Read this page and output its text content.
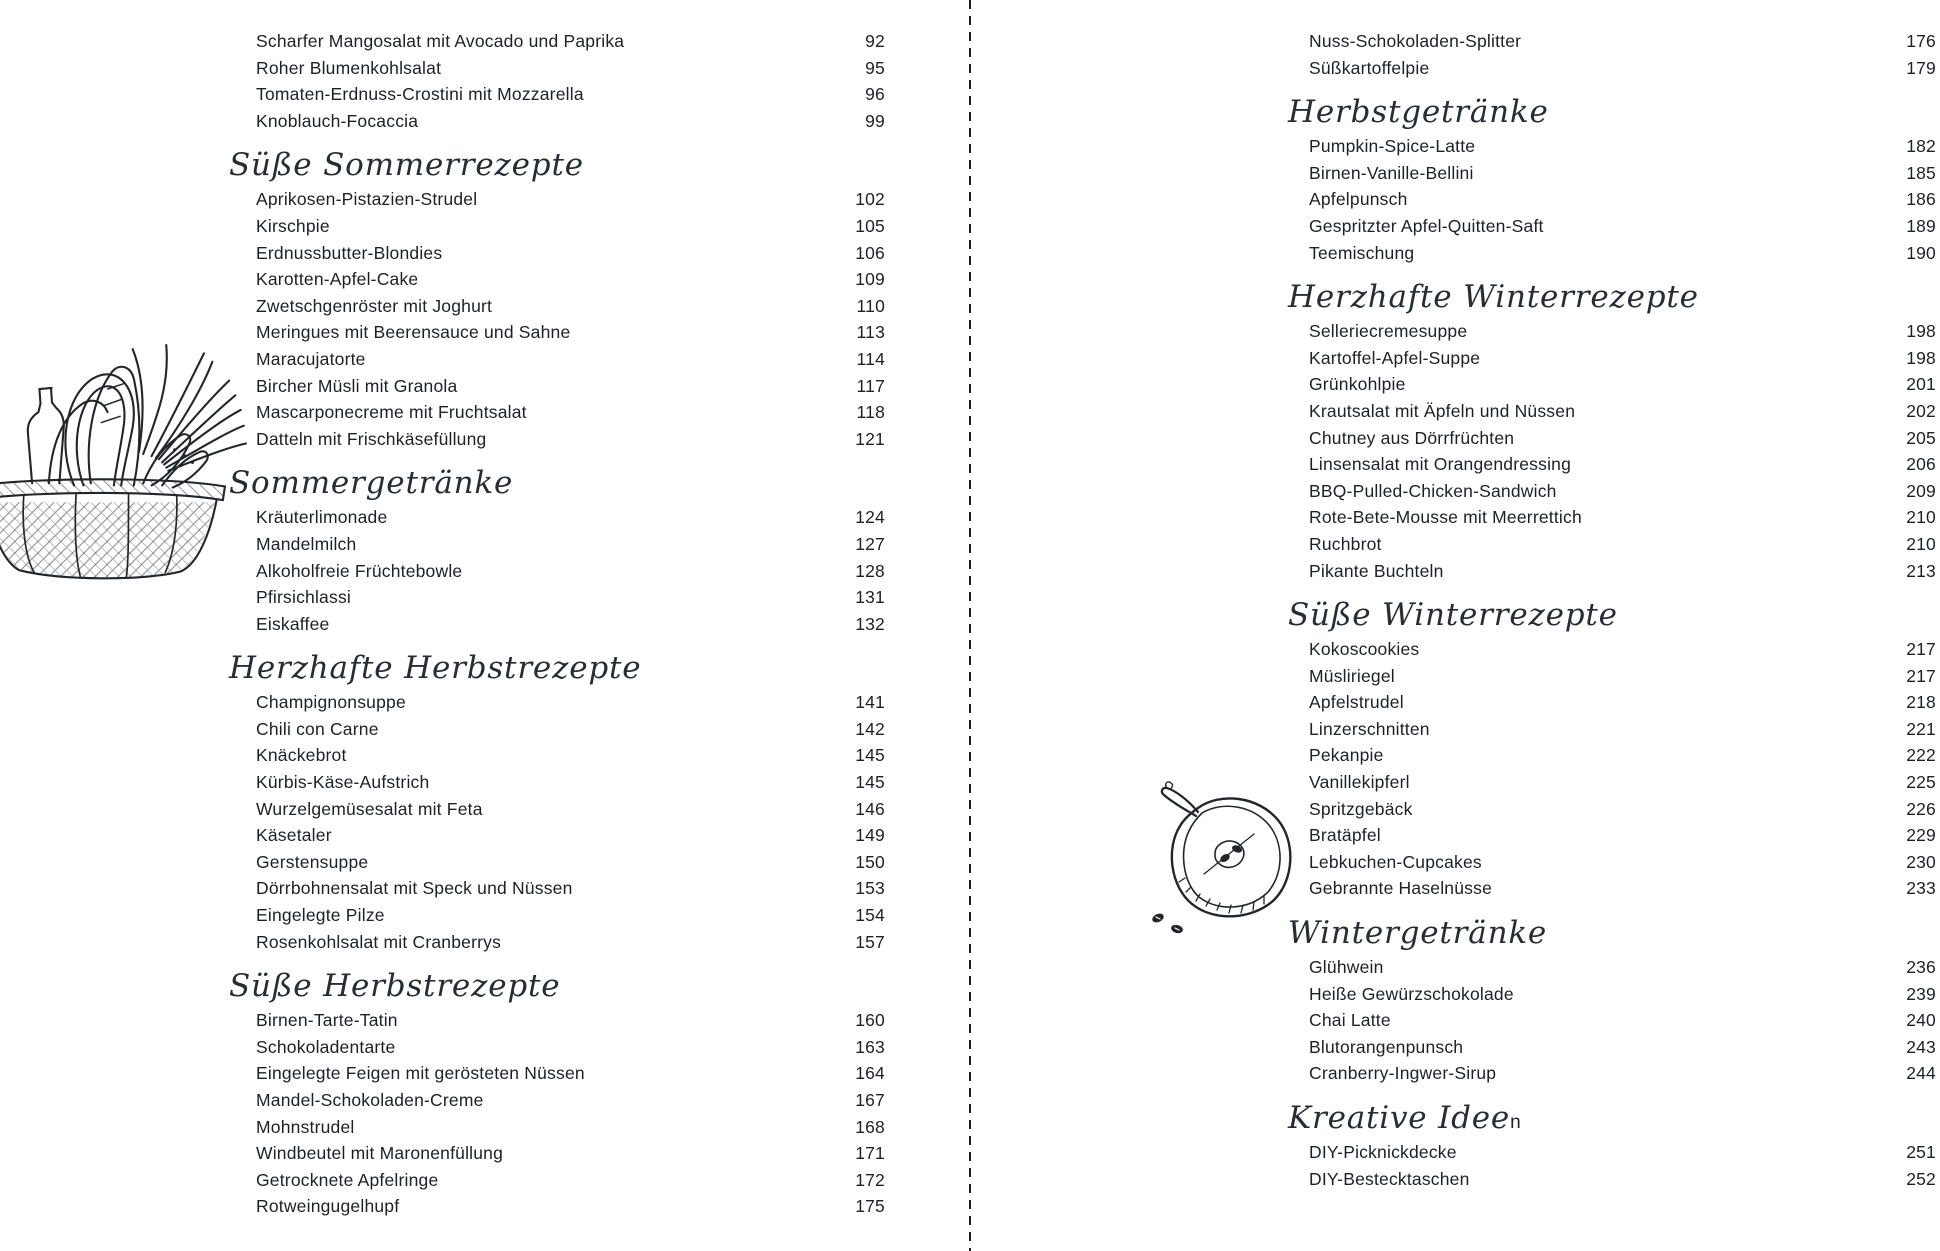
Scharfer Mangosalat mit Avocado und Paprika	92
Roher Blumenkohlsalat	95
Tomaten-Erdnuss-Crostini mit Mozzarella	96
Knoblauch-Focaccia	99
Süße Sommerrezepte
Aprikosen-Pistazien-Strudel	102
Kirschpie	105
Erdnussbutter-Blondies	106
Karotten-Apfel-Cake	109
Zwetschgenröster mit Joghurt	110
Meringues mit Beerensauce und Sahne	113
Maracujatorte	114
Bircher Müsli mit Granola	117
Mascarponecreme mit Fruchtsalat	118
Datteln mit Frischkäsefüllung	121
Sommergetränke
Kräuterlimonade	124
Mandelmilch	127
Alkoholfreie Früchtebowle	128
Pfirsichlassi	131
Eiskaffee	132
Herzhafte Herbstrezepte
Champignonsuppe	141
Chili con Carne	142
Knäckebrot	145
Kürbis-Käse-Aufstrich	145
Wurzelgemüsesalat mit Feta	146
Käsetaler	149
Gerstensuppe	150
Dörrbohnensalat mit Speck und Nüssen	153
Eingelegte Pilze	154
Rosenkohlsalat mit Cranberrys	157
Süße Herbstrezepte
Birnen-Tarte-Tatin	160
Schokoladentarte	163
Eingelegte Feigen mit gerösteten Nüssen	164
Mandel-Schokoladen-Creme	167
Mohnstrudel	168
Windbeutel mit Maronenfüllung	171
Getrocknete Apfelringe	172
Rotweingugelhupf	175
Nuss-Schokoladen-Splitter	176
Süßkartoffelpie	179
Herbstgetränke
Pumpkin-Spice-Latte	182
Birnen-Vanille-Bellini	185
Apfelpunsch	186
Gespritzter Apfel-Quitten-Saft	189
Teemischung	190
Herzhafte Winterrezepte
Selleriecremesuppe	198
Kartoffel-Apfel-Suppe	198
Grünkohlpie	201
Krautsalat mit Äpfeln und Nüssen	202
Chutney aus Dörrfrüchten	205
Linsensalat mit Orangendressing	206
BBQ-Pulled-Chicken-Sandwich	209
Rote-Bete-Mousse mit Meerrettich	210
Ruchbrot	210
Pikante Buchteln	213
Süße Winterrezepte
Kokoscookies	217
Müsliriegel	217
Apfelstrudel	218
Linzerschnitten	221
Pekanpie	222
Vanillekipferl	225
Spritzgebäck	226
Bratäpfel	229
Lebkuchen-Cupcakes	230
Gebrannte Haselnüsse	233
Wintergetränke
Glühwein	236
Heiße Gewürzschokolade	239
Chai Latte	240
Blutorangenpunsch	243
Cranberry-Ingwer-Sirup	244
Kreative Ideen
DIY-Picknickdecke	251
DIY-Bestecktaschen	252
